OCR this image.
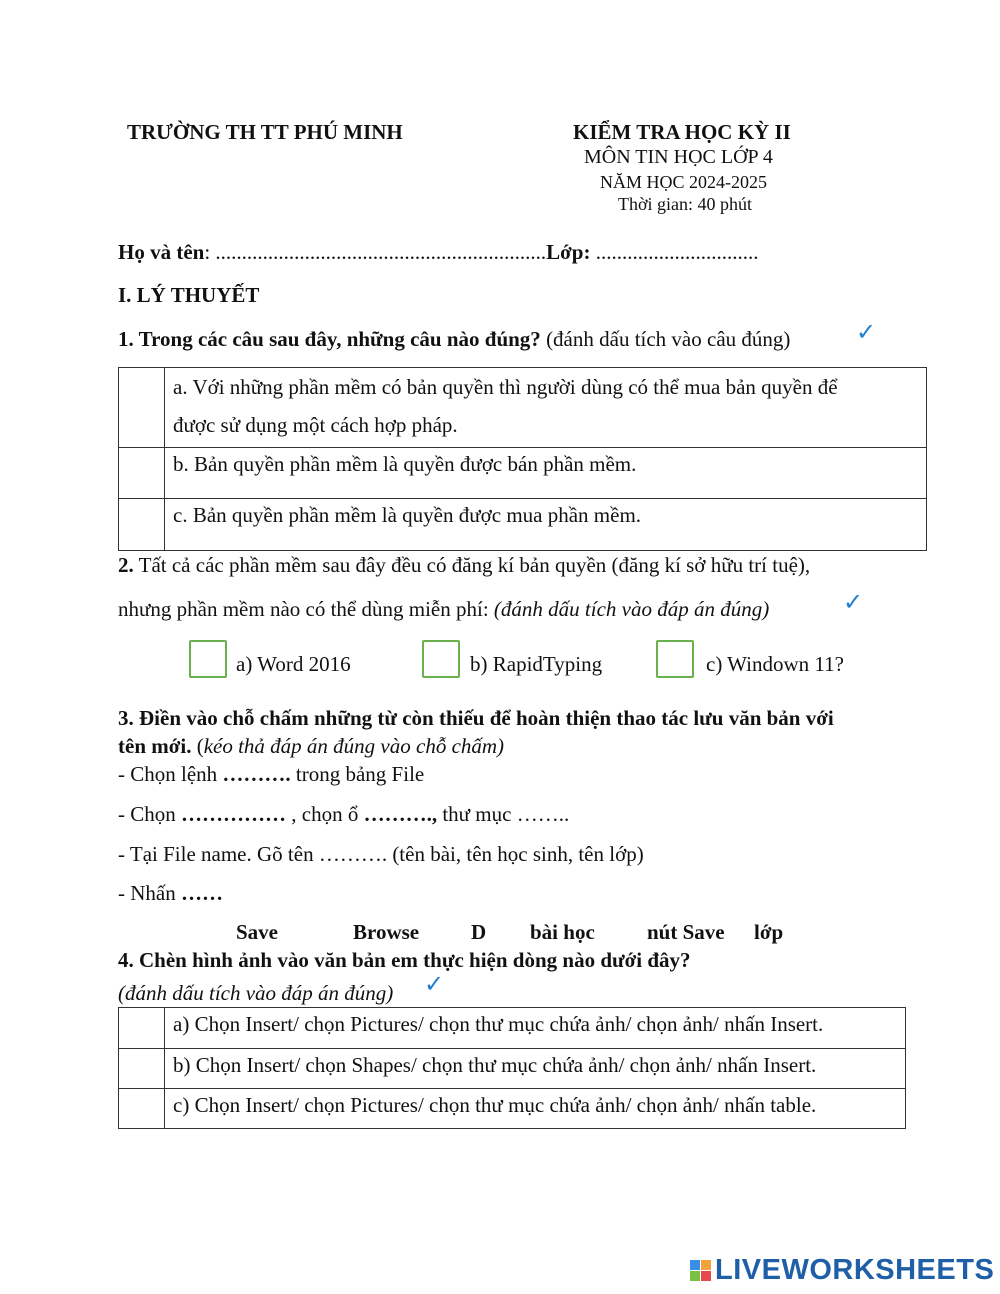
TRƯỜNG TH TT PHÚ MINH	KIỂM TRA HỌC KỲ II
MÔN TIN HỌC LỚP 4
NĂM HỌC 2024-2025
Thời gian: 40 phút
Họ và tên: ...............................................................Lớp: ...............................
I. LÝ THUYẾT
1. Trong các câu sau đây, những câu nào đúng? (đánh dấu tích vào câu đúng)	✓

	a. Với những phần mềm có bản quyền thì người dùng có thể mua bản quyền để
được sử dụng một cách hợp pháp.

	b. Bản quyền phần mềm là quyền được bán phần mềm.
	c. Bản quyền phần mềm là quyền được mua phần mềm.
2. Tất cả các phần mềm sau đây đều có đăng kí bản quyền (đăng kí sở hữu trí tuệ),
nhưng phần mềm nào có thể dùng miễn phí: (đánh dấu tích vào đáp án đúng)	✓
a) Word 2016	b) RapidTyping	c) Windown 11?
3. Điền vào chỗ chấm những từ còn thiếu để hoàn thiện thao tác lưu văn bản với
tên mới. (kéo thả đáp án đúng vào chỗ chấm)
- Chọn lệnh ………. trong bảng File
- Chọn …………… , chọn ổ ………., thư mục ……..
- Tại File name. Gõ tên ………. (tên bài, tên học sinh, tên lớp)
- Nhấn ……
Save	Browse D bài học nút Save lớp
4. Chèn hình ảnh vào văn bản em thực hiện dòng nào dưới đây?
(đánh dấu tích vào đáp án đúng) ✓
	a) Chọn Insert/ chọn Pictures/ chọn thư mục chứa ảnh/ chọn ảnh/ nhấn Insert.
	b) Chọn Insert/ chọn Shapes/ chọn thư mục chứa ảnh/ chọn ảnh/ nhấn Insert.
	c) Chọn Insert/ chọn Pictures/ chọn thư mục chứa ảnh/ chọn ảnh/ nhấn table.
LIVEWORKSHEETS
